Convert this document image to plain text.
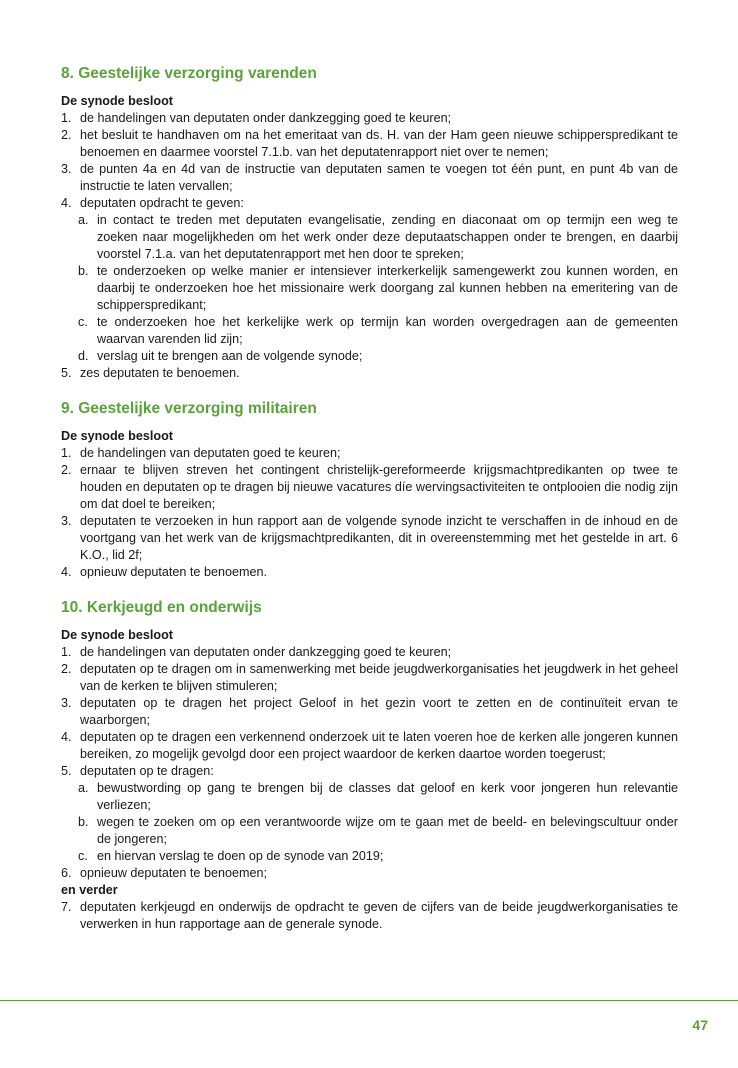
8. Geestelijke verzorging varenden

De synode besloot

1. de handelingen van deputaten onder dankzegging goed te keuren;
2. het besluit te handhaven om na het emeritaat van ds. H. van der Ham geen nieuwe schipperspredikant te benoemen en daarmee voorstel 7.1.b. van het deputatenrapport niet over te nemen;
3. de punten 4a en 4d van de instructie van deputaten samen te voegen tot één punt, en punt 4b van de instructie te laten vervallen;
4. deputaten opdracht te geven:
a. in contact te treden met deputaten evangelisatie, zending en diaconaat om op termijn een weg te zoeken naar mogelijkheden om het werk onder deze deputaatschappen onder te brengen, en daarbij voorstel 7.1.a. van het deputatenrapport met hen door te spreken;
b. te onderzoeken op welke manier er intensiever interkerkelijk samengewerkt zou kunnen worden, en daarbij te onderzoeken hoe het missionaire werk doorgang zal kunnen hebben na emeritering van de schipperspredikant;
c. te onderzoeken hoe het kerkelijke werk op termijn kan worden overgedragen aan de gemeenten waarvan varenden lid zijn;
d. verslag uit te brengen aan de volgende synode;
5. zes deputaten te benoemen.
9. Geestelijke verzorging militairen

De synode besloot

1. de handelingen van deputaten goed te keuren;
2. ernaar te blijven streven het contingent christelijk-gereformeerde krijgsmachtpredikanten op twee te houden en deputaten op te dragen bij nieuwe vacatures díe wervingsactiviteiten te ontplooien die nodig zijn om dat doel te bereiken;
3. deputaten te verzoeken in hun rapport aan de volgende synode inzicht te verschaffen in de inhoud en de voortgang van het werk van de krijgsmachtpredikanten, dit in overeenstemming met het gestelde in art. 6 K.O., lid 2f;
4. opnieuw deputaten te benoemen.
10. Kerkjeugd en onderwijs

De synode besloot

1. de handelingen van deputaten onder dankzegging goed te keuren;
2. deputaten op te dragen om in samenwerking met beide jeugdwerkorganisaties het jeugdwerk in het geheel van de kerken te blijven stimuleren;
3. deputaten op te dragen het project Geloof in het gezin voort te zetten en de continuïteit ervan te waarborgen;
4. deputaten op te dragen een verkennend onderzoek uit te laten voeren hoe de kerken alle jongeren kunnen bereiken, zo mogelijk gevolgd door een project waardoor de kerken daartoe worden toegerust;
5. deputaten op te dragen:
a. bewustwording op gang te brengen bij de classes dat geloof en kerk voor jongeren hun relevantie verliezen;
b. wegen te zoeken om op een verantwoorde wijze om te gaan met de beeld- en belevingscultuur onder de jongeren;
c. en hiervan verslag te doen op de synode van 2019;
6. opnieuw deputaten te benoemen;

en verder

7. deputaten kerkjeugd en onderwijs de opdracht te geven de cijfers van de beide jeugdwerkorganisaties te verwerken in hun rapportage aan de generale synode.
47
